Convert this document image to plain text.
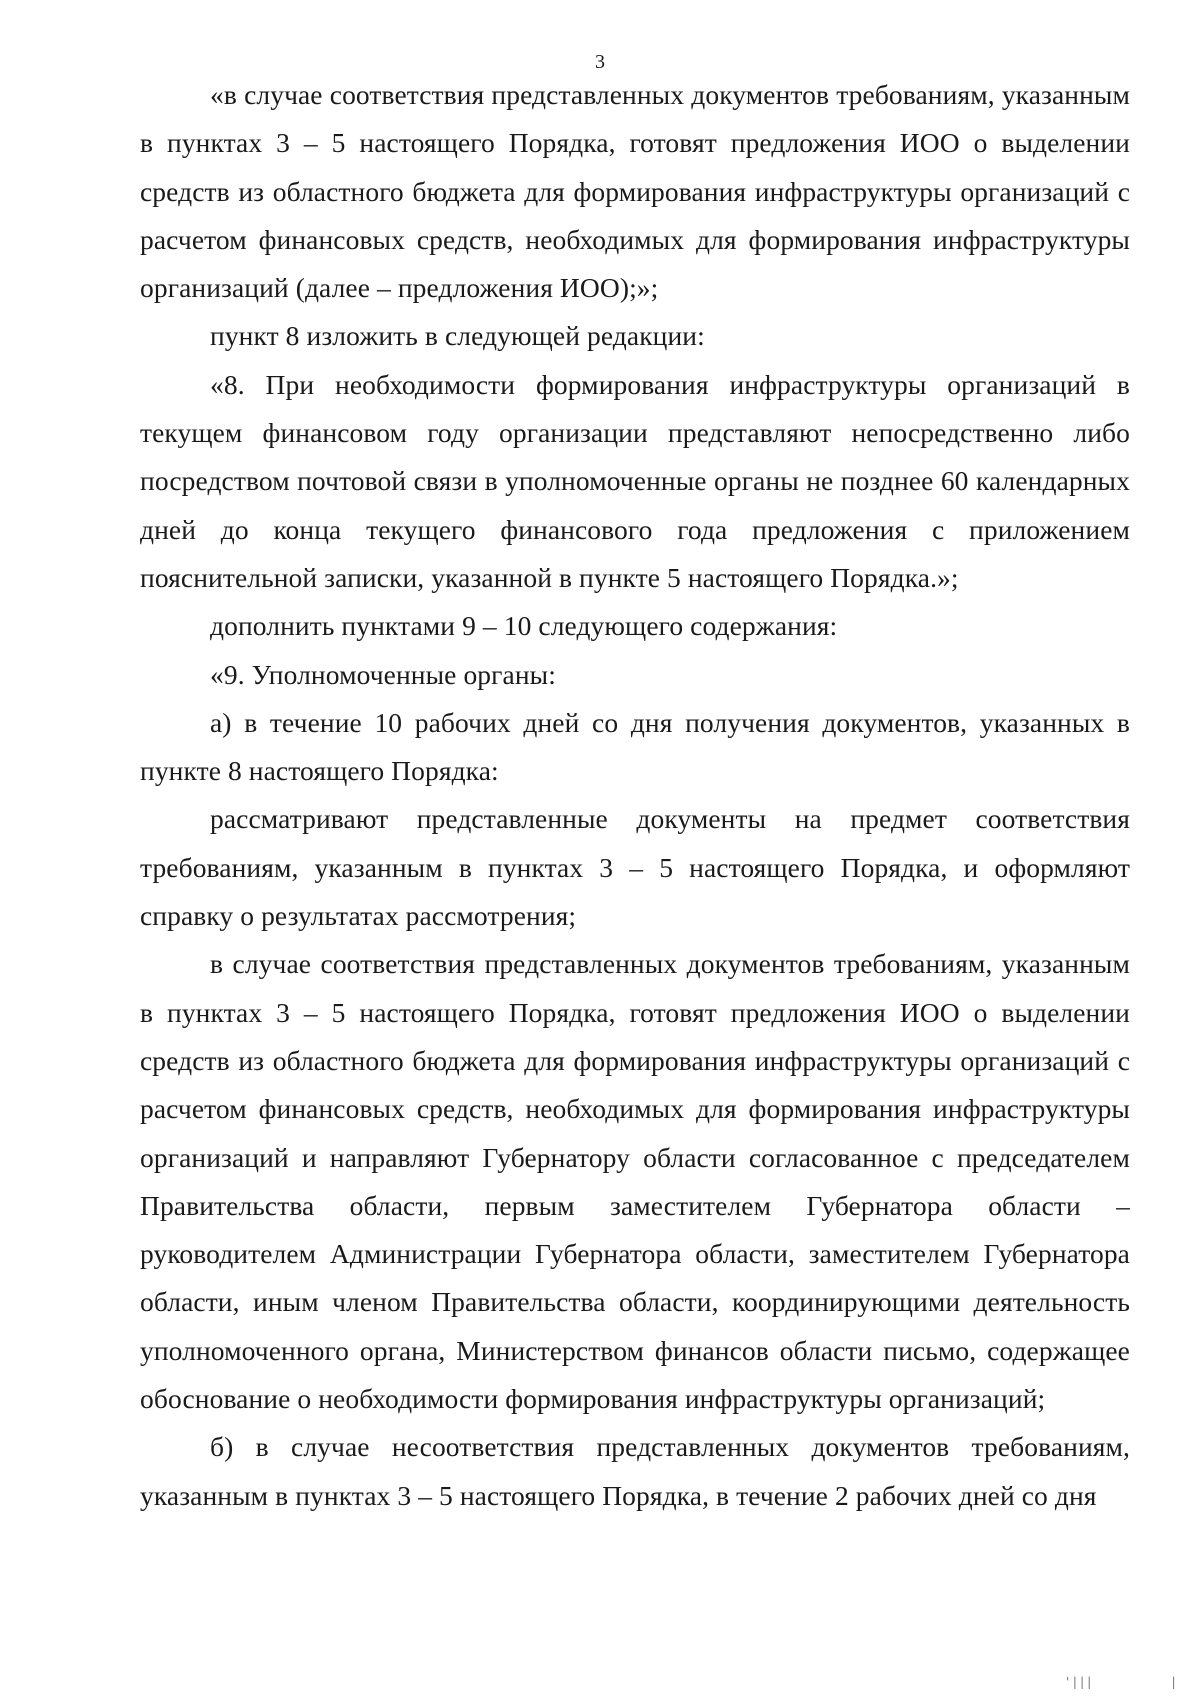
3

«в случае соответствия представленных документов требованиям, указанным в пунктах 3 – 5 настоящего Порядка, готовят предложения ИОО о выделении средств из областного бюджета для формирования инфраструктуры организаций с расчетом финансовых средств, необходимых для формирования инфраструктуры организаций (далее – предложения ИОО);»;

пункт 8 изложить в следующей редакции:

«8. При необходимости формирования инфраструктуры организаций в текущем финансовом году организации представляют непосредственно либо посредством почтовой связи в уполномоченные органы не позднее 60 календарных дней до конца текущего финансового года предложения с приложением пояснительной записки, указанной в пункте 5 настоящего Порядка.»;

дополнить пунктами 9 – 10 следующего содержания:

«9. Уполномоченные органы:

а) в течение 10 рабочих дней со дня получения документов, указанных в пункте 8 настоящего Порядка:

рассматривают представленные документы на предмет соответствия требованиям, указанным в пунктах 3 – 5 настоящего Порядка, и оформляют справку о результатах рассмотрения;

в случае соответствия представленных документов требованиям, указанным в пунктах 3 – 5 настоящего Порядка, готовят предложения ИОО о выделении средств из областного бюджета для формирования инфраструктуры организаций с расчетом финансовых средств, необходимых для формирования инфраструктуры организаций и направляют Губернатору области согласованное с председателем Правительства области, первым заместителем Губернатора области – руководителем Администрации Губернатора области, заместителем Губернатора области, иным членом Правительства области, координирующими деятельность уполномоченного органа, Министерством финансов области письмо, содержащее обоснование о необходимости формирования инфраструктуры организаций;

б) в случае несоответствия представленных документов требованиям, указанным в пунктах 3 – 5 настоящего Порядка, в течение 2 рабочих дней со дня

'|||	|
